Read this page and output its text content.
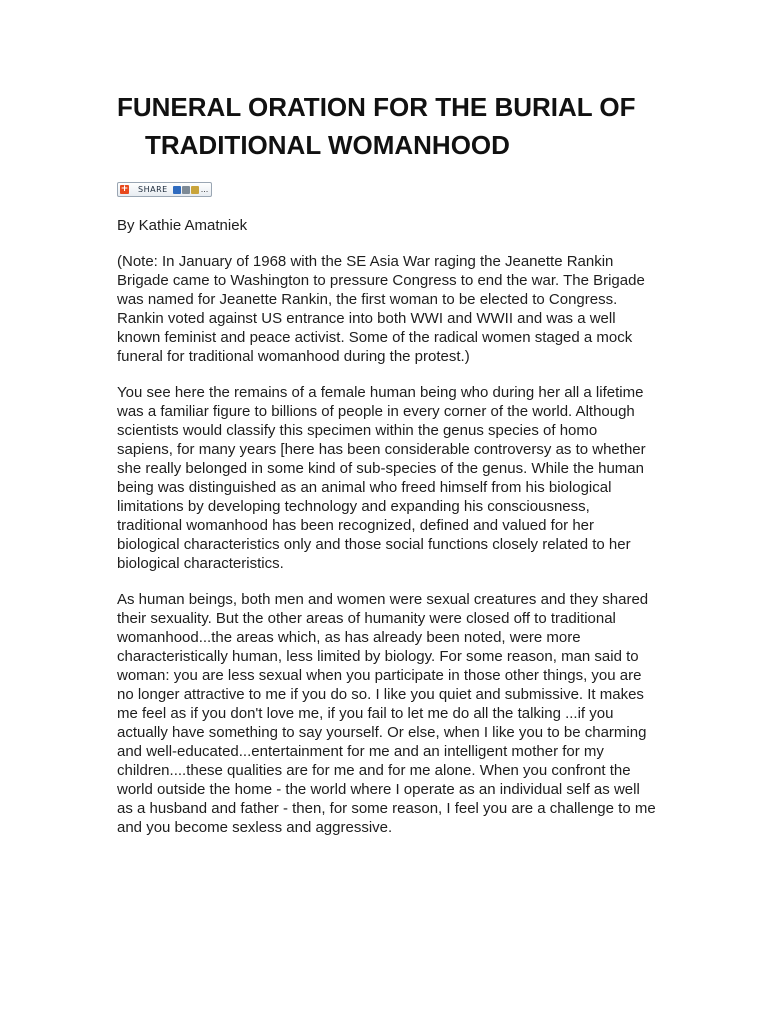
FUNERAL ORATION FOR THE BURIAL OF TRADITIONAL WOMANHOOD
+ SHARE	...

By Kathie Amatniek

(Note: In January of 1968 with the SE Asia War raging the Jeanette Rankin Brigade came to Washington to pressure Congress to end the war. The Brigade was named for Jeanette Rankin, the first woman to be elected to Congress. Rankin voted against US entrance into both WWI and WWII and was a well known feminist and peace activist. Some of the radical women staged a mock funeral for traditional womanhood during the protest.)

You see here the remains of a female human being who during her all a lifetime was a familiar figure to billions of people in every corner of the world. Although scientists would classify this specimen within the genus species of homo sapiens, for many years [here has been considerable controversy as to whether she really belonged in some kind of sub-species of the genus. While the human being was distinguished as an animal who freed himself from his biological limitations by developing technology and expanding his consciousness, traditional womanhood has been recognized, defined and valued for her biological characteristics only and those social functions closely related to her biological characteristics.

As human beings, both men and women were sexual creatures and they shared their sexuality. But the other areas of humanity were closed off to traditional womanhood...the areas which, as has already been noted, were more characteristically human, less limited by biology. For some reason, man said to woman: you are less sexual when you participate in those other things, you are no longer attractive to me if you do so. I like you quiet and submissive. It makes me feel as if you don't love me, if you fail to let me do all the talking ...if you actually have something to say yourself. Or else, when I like you to be charming and well-educated...entertainment for me and an intelligent mother for my children....these qualities are for me and for me alone. When you confront the world outside the home - the world where I operate as an individual self as well as a husband and father - then, for some reason, I feel you are a challenge to me and you become sexless and aggressive.
